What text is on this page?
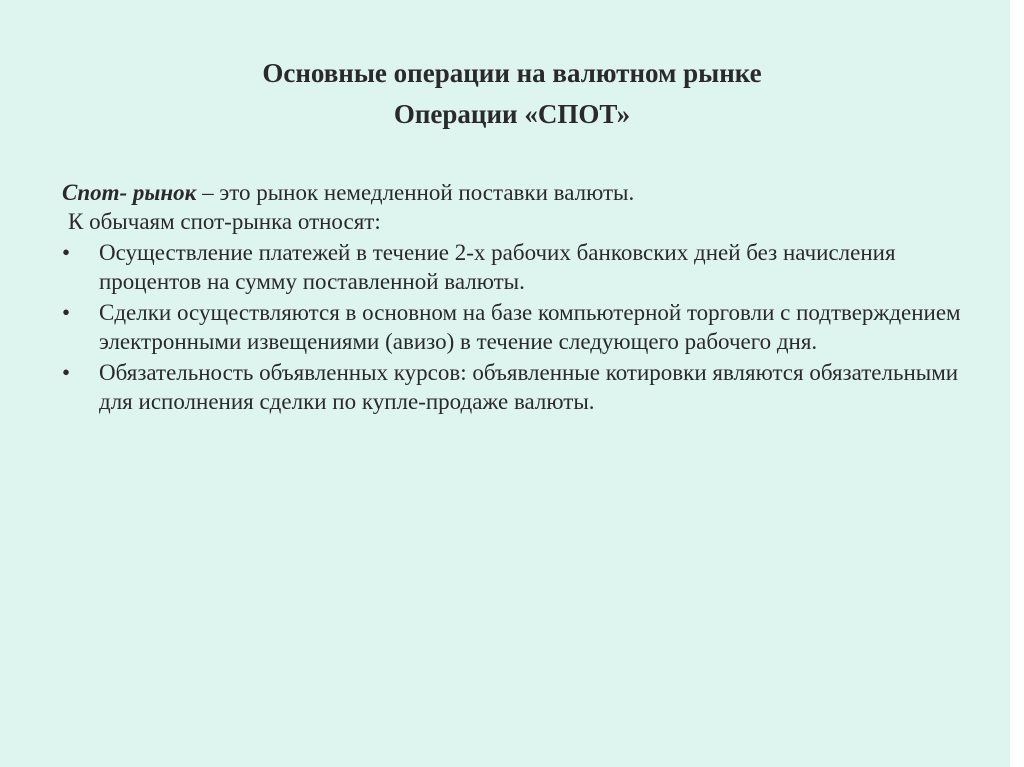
Основные операции на валютном рынке
Операции «СПОТ»

Спот- рынок – это рынок немедленной поставки валюты.

К обычаям спот-рынка относят:

• Осуществление платежей в течение 2-х рабочих банковских дней без начисления процентов на сумму поставленной валюты.
• Сделки осуществляются в основном на базе компьютерной торговли с подтверждением электронными извещениями (авизо) в течение следующего рабочего дня.
• Обязательность объявленных курсов: объявленные котировки являются обязательными для исполнения сделки по купле-продаже валюты.
